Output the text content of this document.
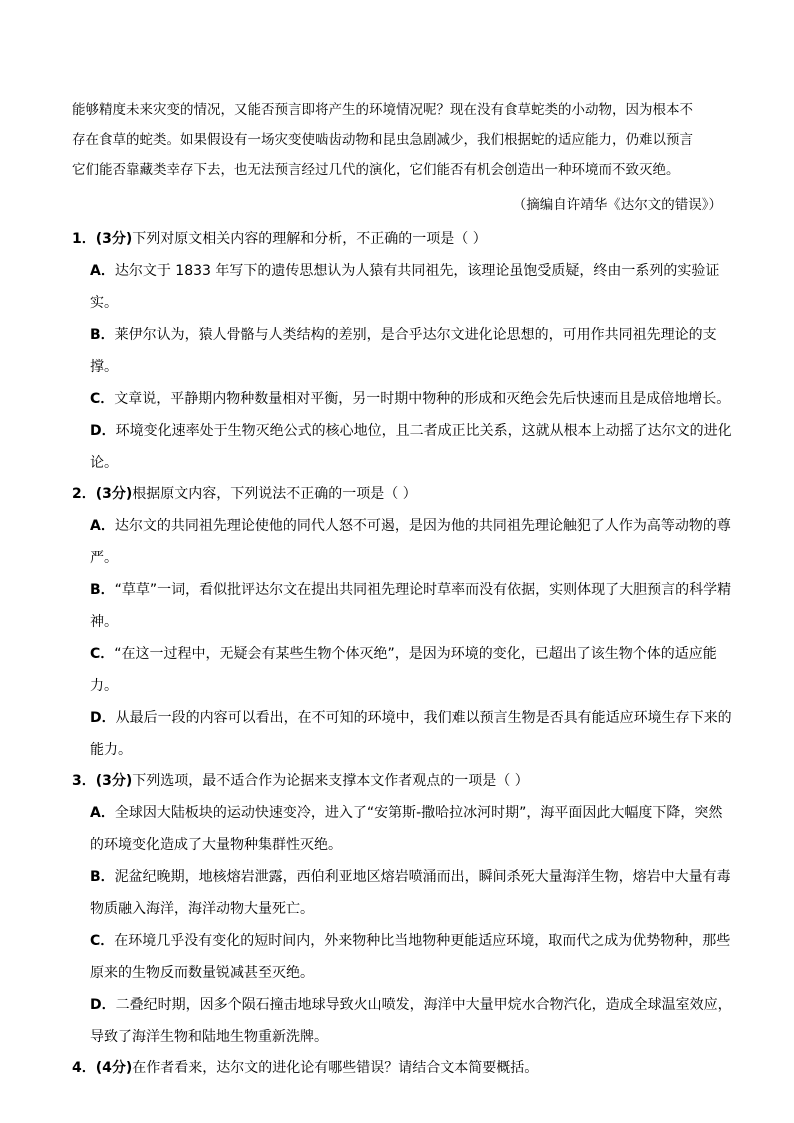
能够精度未来灾变的情况，又能否预言即将产生的环境情况呢？现在没有食草蛇类的小动物，因为根本不

存在食草的蛇类。如果假设有一场灾变使啮齿动物和昆虫急剧减少，我们根据蛇的适应能力，仍难以预言

它们能否靠藏类幸存下去，也无法预言经过几代的演化，它们能否有机会创造出一种环境而不致灭绝。

（摘编自许靖华《达尔文的错误》）

1．(3分)下列对原文相关内容的理解和分析，不正确的一项是（ ）

A．达尔文于 1833 年写下的遗传思想认为人猿有共同祖先，该理论虽饱受质疑，终由一系列的实验证实。

B．莱伊尔认为，猿人骨骼与人类结构的差别，是合乎达尔文进化论思想的，可用作共同祖先理论的支撑。

C．文章说，平静期内物种数量相对平衡，另一时期中物种的形成和灭绝会先后快速而且是成倍地增长。

D．环境变化速率处于生物灭绝公式的核心地位，且二者成正比关系，这就从根本上动摇了达尔文的进化论。

2．(3分)根据原文内容，下列说法不正确的一项是（ ）

A．达尔文的共同祖先理论使他的同代人怒不可遏，是因为他的共同祖先理论触犯了人作为高等动物的尊严。

B．“草草”一词，看似批评达尔文在提出共同祖先理论时草率而没有依据，实则体现了大胆预言的科学精神。

C．“在这一过程中，无疑会有某些生物个体灭绝”，是因为环境的变化，已超出了该生物个体的适应能力。

D．从最后一段的内容可以看出，在不可知的环境中，我们难以预言生物是否具有能适应环境生存下来的能力。

3．(3分)下列选项，最不适合作为论据来支撑本文作者观点的一项是（ ）

A．全球因大陆板块的运动快速变冷，进入了“安第斯-撒哈拉冰河时期”，海平面因此大幅度下降，突然的环境变化造成了大量物种集群性灭绝。

B．泥盆纪晚期，地核熔岩泄露，西伯利亚地区熔岩喷涌而出，瞬间杀死大量海洋生物，熔岩中大量有毒物质融入海洋，海洋动物大量死亡。

C．在环境几乎没有变化的短时间内，外来物种比当地物种更能适应环境，取而代之成为优势物种，那些原来的生物反而数量锐减甚至灭绝。

D．二叠纪时期，因多个陨石撞击地球导致火山喷发，海洋中大量甲烷水合物汽化，造成全球温室效应，导致了海洋生物和陆地生物重新洗牌。

4．(4分)在作者看来，达尔文的进化论有哪些错误？请结合文本简要概括。
